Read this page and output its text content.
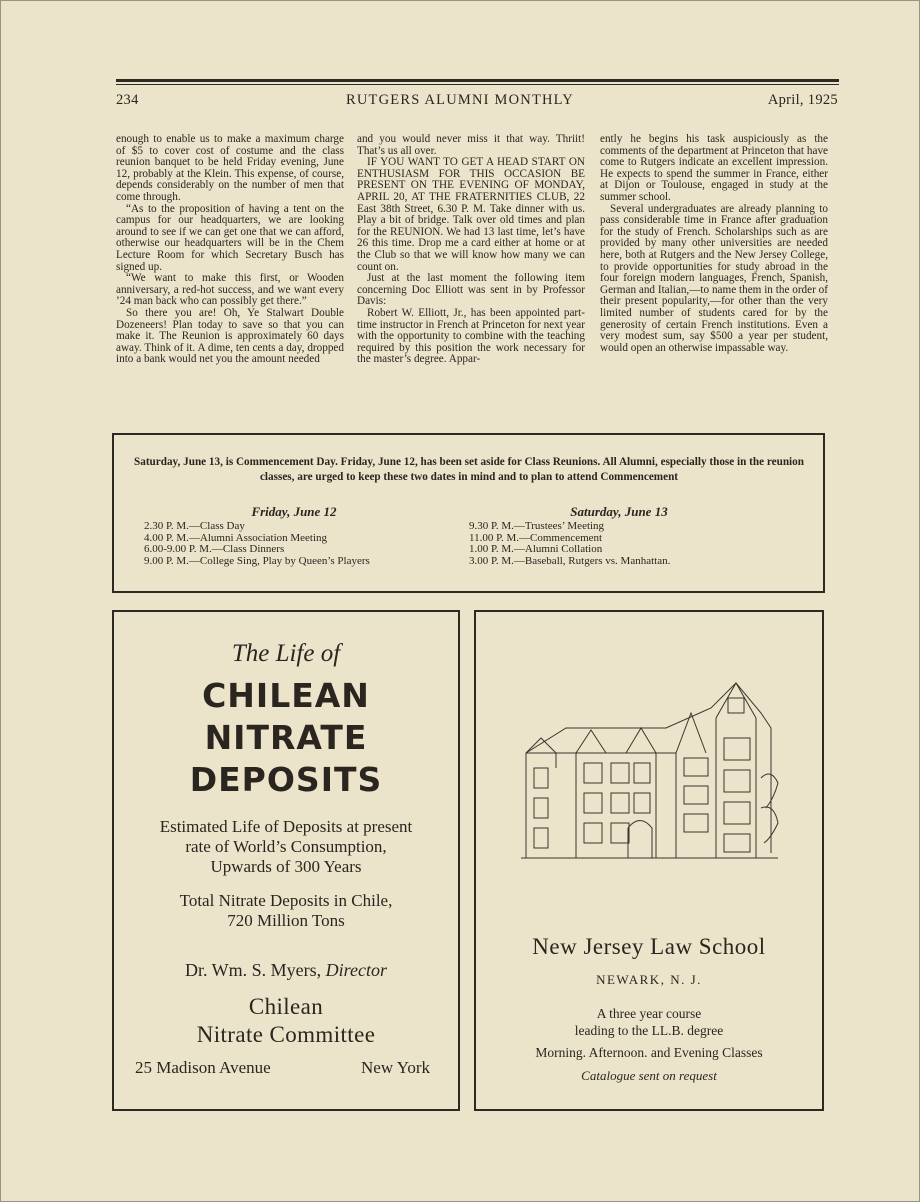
RUTGERS ALUMNI MONTHLY
234	April, 1925

enough to enable us to make a maximum charge of $5 to cover cost of costume and the class reunion banquet to be held Friday evening, June 12, probably at the Klein. This expense, of course, depends considerably on the number of men that come through.

“As to the proposition of having a tent on the campus for our headquarters, we are looking around to see if we can get one that we can afford, otherwise our headquarters will be in the Chem Lecture Room for which Secretary Busch has signed up.

“We want to make this first, or Wooden anniversary, a red-hot success, and we want every ’24 man back who can possibly get there.”

So there you are! Oh, Ye Stalwart Double Dozeneers! Plan today to save so that you can make it. The Reunion is approximately 60 days away. Think of it. A dime, ten cents a day, dropped into a bank would net you the amount needed

and you would never miss it that way. Thriit! That’s us all over.

IF YOU WANT TO GET A HEAD START ON ENTHUSIASM FOR THIS OCCASION BE PRESENT ON THE EVENING OF MONDAY, APRIL 20, AT THE FRATERNITIES CLUB, 22 East 38th Street, 6.30 P. M. Take dinner with us. Play a bit of bridge. Talk over old times and plan for the REUNION. We had 13 last time, let’s have 26 this time. Drop me a card either at home or at the Club so that we will know how many we can count on.

Just at the last moment the following item concerning Doc Elliott was sent in by Professor Davis:

Robert W. Elliott, Jr., has been appointed part-time instructor in French at Princeton for next year with the opportunity to combine with the teaching required by this position the work necessary for the master’s degree. Appar-

ently he begins his task auspiciously as the comments of the department at Princeton that have come to Rutgers indicate an excellent impression. He expects to spend the summer in France, either at Dijon or Toulouse, engaged in study at the summer school.

Several undergraduates are already planning to pass considerable time in France after graduation for the study of French. Scholarships such as are provided by many other universities are needed here, both at Rutgers and the New Jersey College, to provide opportunities for study abroad in the four foreign modern languages, French, Spanish, German and Italian,—to name them in the order of their present popularity,—for other than the very limited number of students cared for by the generosity of certain French institutions. Even a very modest sum, say $500 a year per student, would open an otherwise impassable way.

Saturday, June 13, is Commencement Day. Friday, June 12, has been set aside for Class Reunions. All Alumni, especially those in the reunion classes, are urged to keep these two dates in mind and to plan to attend Commencement
Friday, June 12
2.30 P. M.—Class Day
4.00 P. M.—Alumni Association Meeting
6.00-9.00 P. M.—Class Dinners
9.00 P. M.—College Sing, Play by Queen’s Players
Saturday, June 13
9.30 P. M.—Trustees’ Meeting
11.00 P. M.—Commencement
1.00 P. M.—Alumni Collation
3.00 P. M.—Baseball, Rutgers vs. Manhattan.
The Life of
CHILEAN
NITRATE
DEPOSITS
Estimated Life of Deposits at present
rate of World’s Consumption,
Upwards of 300 Years
Total Nitrate Deposits in Chile,
720 Million Tons
Dr. Wm. S. Myers, Director
Chilean
Nitrate Committee
25 Madison Avenue	New York
New Jersey Law School
NEWARK, N. J.
A three year course
leading to the LL.B. degree
Morning. Afternoon. and Evening Classes
Catalogue sent on request
